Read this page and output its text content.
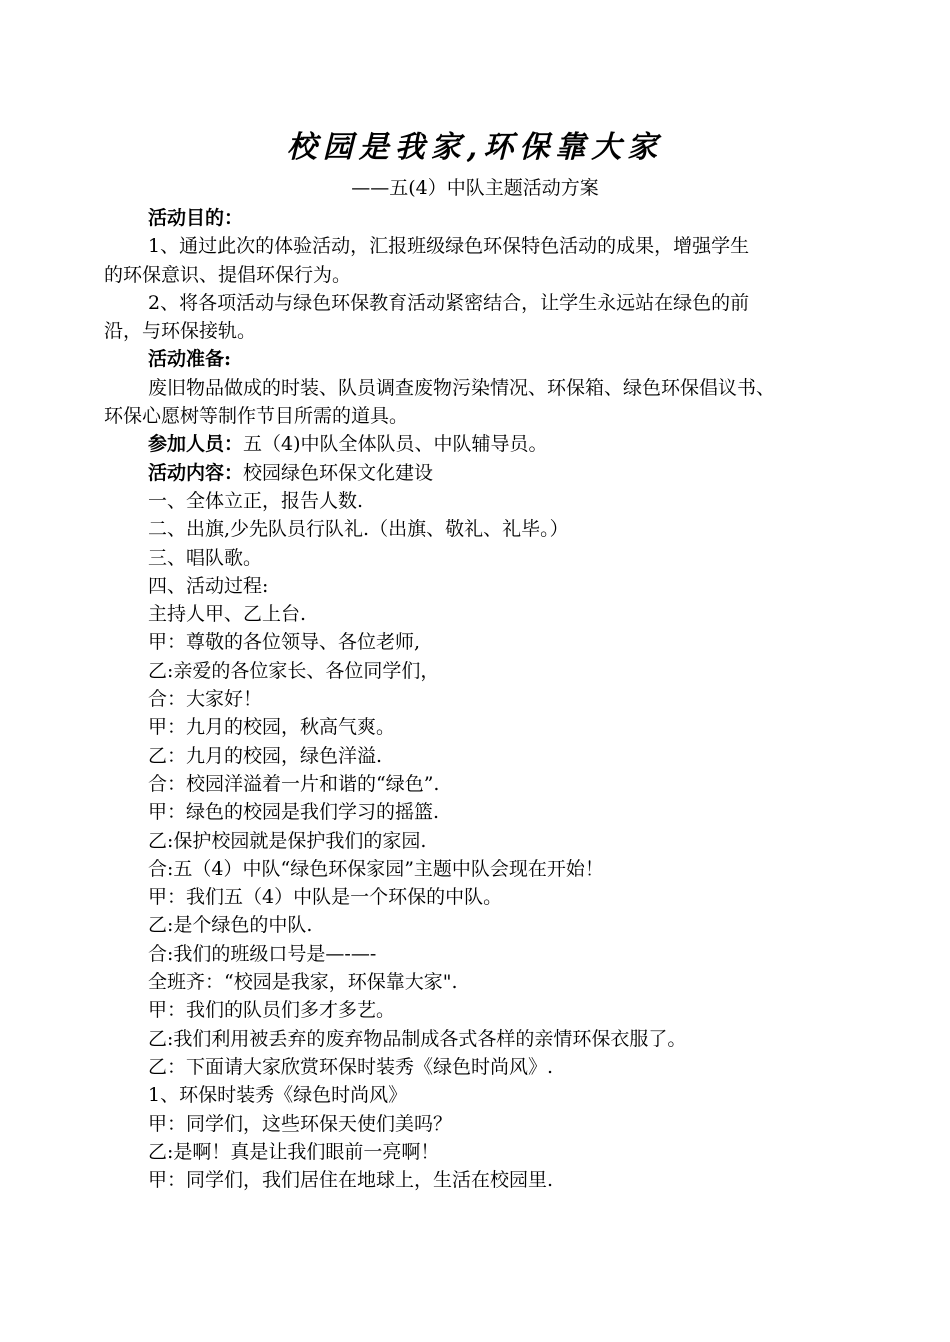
校园是我家,环保靠大家
——五(4）中队主题活动方案
活动目的：
1、通过此次的体验活动，汇报班级绿色环保特色活动的成果，增强学生
的环保意识、提倡环保行为。
2、将各项活动与绿色环保教育活动紧密结合，让学生永远站在绿色的前
沿，与环保接轨。
活动准备:
废旧物品做成的时装、队员调查废物污染情况、环保箱、绿色环保倡议书、
环保心愿树等制作节目所需的道具。
参加人员：五（4)中队全体队员、中队辅导员。
活动内容：校园绿色环保文化建设
一、全体立正，报告人数.
二、出旗,少先队员行队礼.（出旗、敬礼、礼毕。）
三、唱队歌。
四、活动过程:
主持人甲、乙上台.
甲：尊敬的各位领导、各位老师,
乙:亲爱的各位家长、各位同学们，
合：大家好！
甲：九月的校园，秋高气爽。
乙：九月的校园，绿色洋溢.
合：校园洋溢着一片和谐的“绿色”.
甲：绿色的校园是我们学习的摇篮.
乙:保护校园就是保护我们的家园.
合:五（4）中队“绿色环保家园”主题中队会现在开始！
甲：我们五（4）中队是一个环保的中队。
乙:是个绿色的中队.
合:我们的班级口号是—-—-
全班齐：“校园是我家，环保靠大家".
甲：我们的队员们多才多艺。
乙:我们利用被丢弃的废弃物品制成各式各样的亲情环保衣服了。
乙：下面请大家欣赏环保时装秀《绿色时尚风》.
1、环保时装秀《绿色时尚风》
甲：同学们，这些环保天使们美吗？
乙:是啊！真是让我们眼前一亮啊！
甲：同学们，我们居住在地球上，生活在校园里.
